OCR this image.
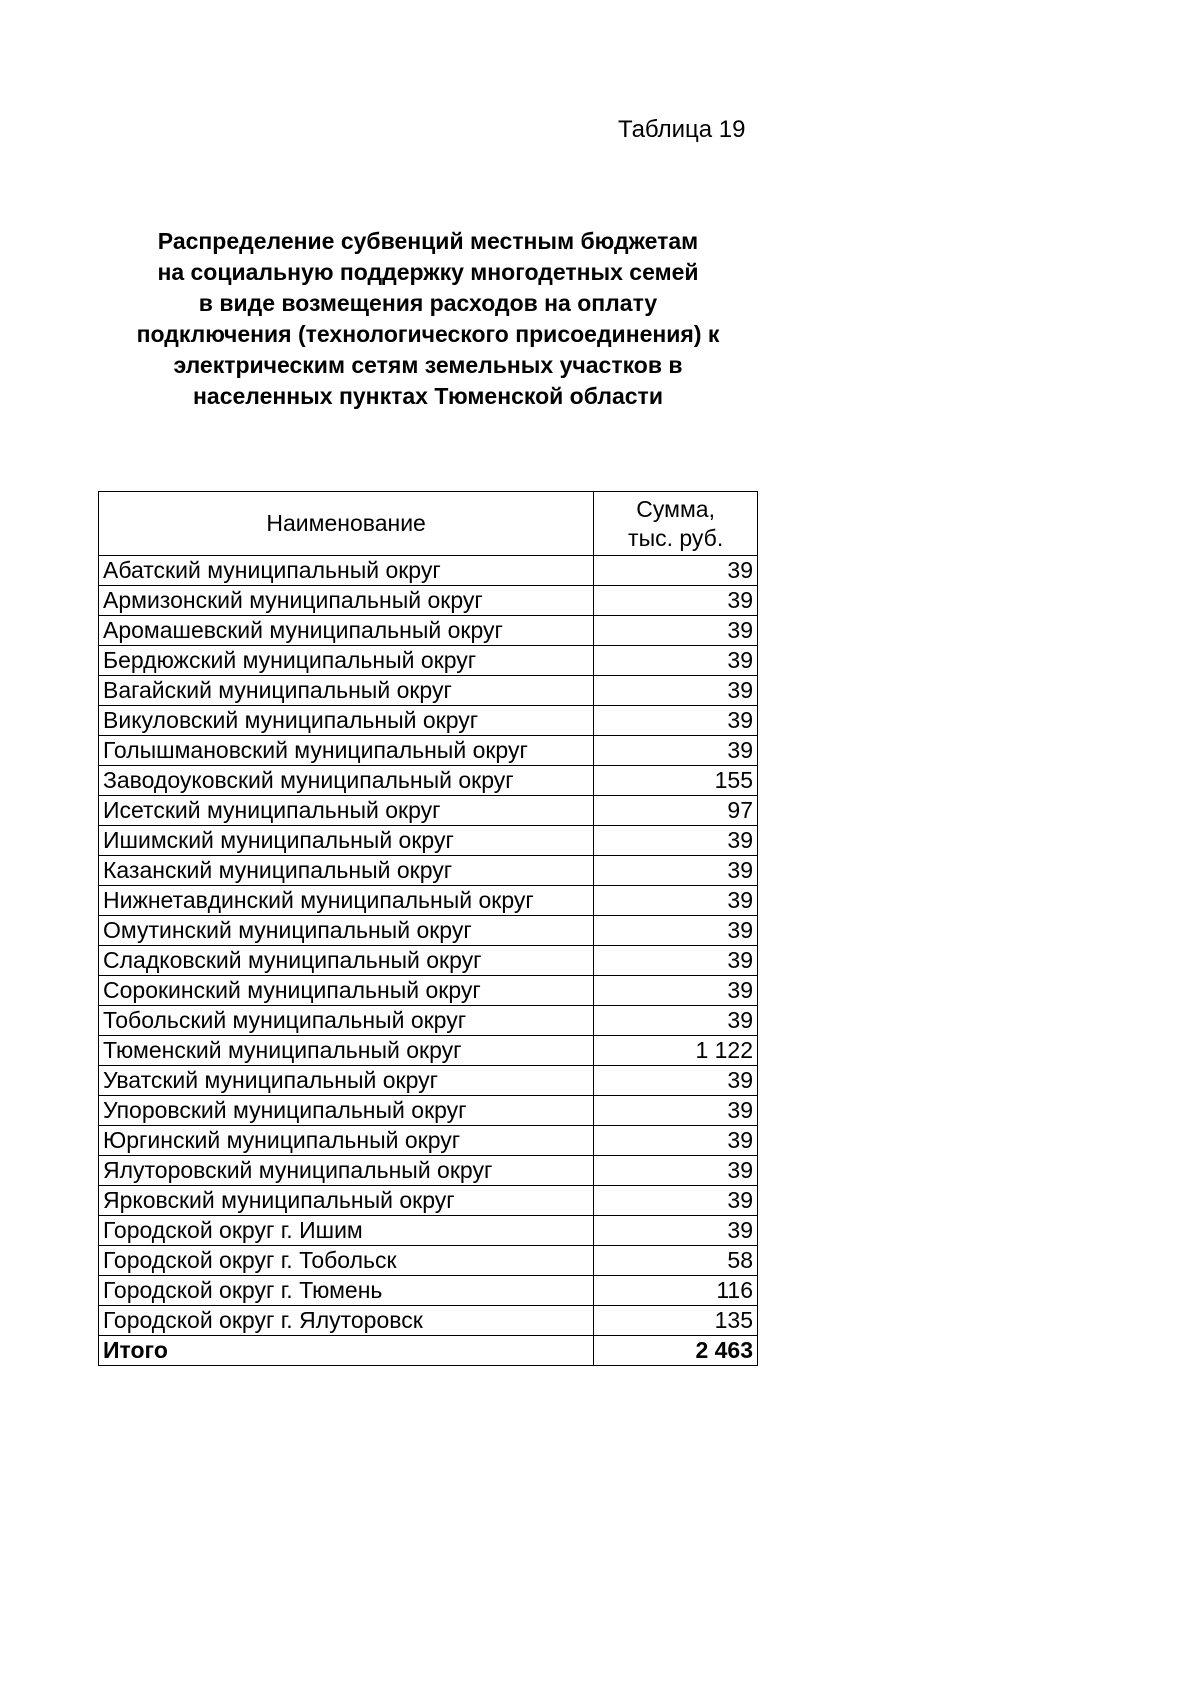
Таблица 19
Распределение субвенций местным бюджетам
на социальную поддержку многодетных семей
в виде возмещения расходов на оплату
подключения (технологического присоединения) к
электрическим сетям земельных участков в
населенных пунктах Тюменской области
Наименование	Сумма,
тыс. руб.

Абатский муниципальный округ	39
Армизонский муниципальный округ	39
Аромашевский муниципальный округ	39
Бердюжский муниципальный округ	39
Вагайский муниципальный округ	39
Викуловский муниципальный округ	39
Голышмановский муниципальный округ	39
Заводоуковский муниципальный округ	155
Исетский муниципальный округ	97
Ишимский муниципальный округ	39
Казанский муниципальный округ	39
Нижнетавдинский муниципальный округ	39
Омутинский муниципальный округ	39
Сладковский муниципальный округ	39
Сорокинский муниципальный округ	39
Тобольский муниципальный округ	39
Тюменский муниципальный округ	1 122
Уватский муниципальный округ	39
Упоровский муниципальный округ	39
Юргинский муниципальный округ	39
Ялуторовский муниципальный округ	39
Ярковский муниципальный округ	39
Городской округ г. Ишим	39
Городской округ г. Тобольск	58
Городской округ г. Тюмень	116
Городской округ г. Ялуторовск	135
Итого	2 463
